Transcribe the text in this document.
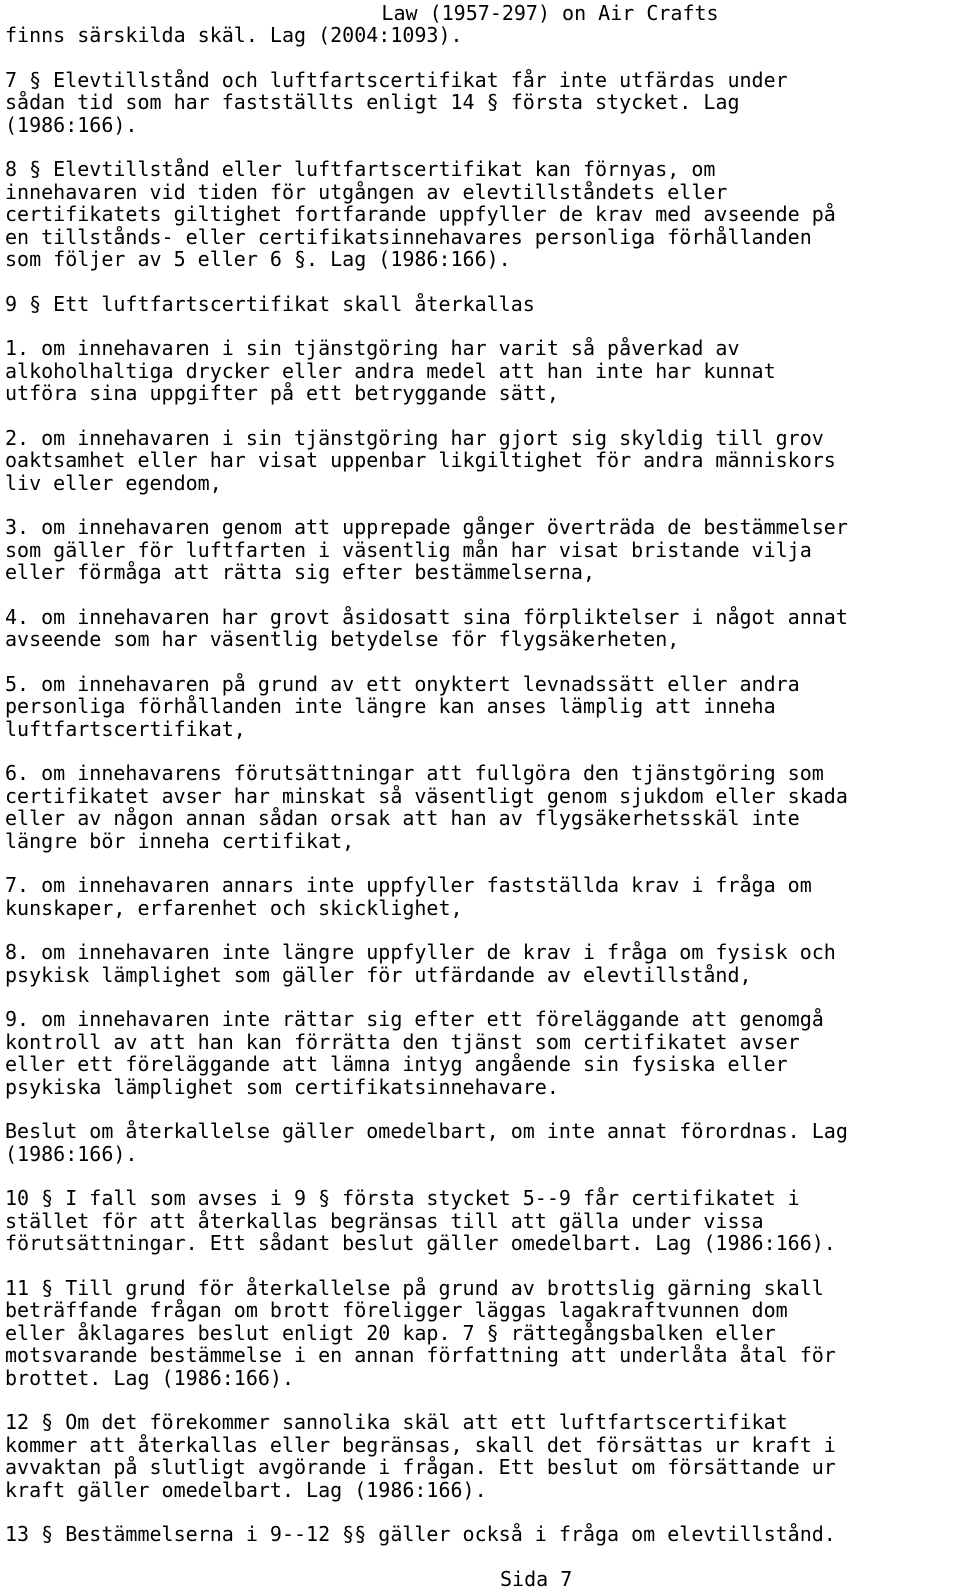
Law (1957-297) on Air Crafts
finns särskilda skäl. Lag (2004:1093).
7 § Elevtillstånd och luftfartscertifikat får inte utfärdas under
sådan tid som har fastställts enligt 14 § första stycket. Lag
(1986:166).
8 § Elevtillstånd eller luftfartscertifikat kan förnyas, om
innehavaren vid tiden för utgången av elevtillståndets eller
certifikatets giltighet fortfarande uppfyller de krav med avseende på
en tillstånds- eller certifikatsinnehavares personliga förhållanden
som följer av 5 eller 6 §. Lag (1986:166).
9 § Ett luftfartscertifikat skall återkallas
1. om innehavaren i sin tjänstgöring har varit så påverkad av
alkoholhaltiga drycker eller andra medel att han inte har kunnat
utföra sina uppgifter på ett betryggande sätt,
2. om innehavaren i sin tjänstgöring har gjort sig skyldig till grov
oaktsamhet eller har visat uppenbar likgiltighet för andra människors
liv eller egendom,
3. om innehavaren genom att upprepade gånger överträda de bestämmelser
som gäller för luftfarten i väsentlig mån har visat bristande vilja
eller förmåga att rätta sig efter bestämmelserna,
4. om innehavaren har grovt åsidosatt sina förpliktelser i något annat
avseende som har väsentlig betydelse för flygsäkerheten,
5. om innehavaren på grund av ett onyktert levnadssätt eller andra
personliga förhållanden inte längre kan anses lämplig att inneha
luftfartscertifikat,
6. om innehavarens förutsättningar att fullgöra den tjänstgöring som
certifikatet avser har minskat så väsentligt genom sjukdom eller skada
eller av någon annan sådan orsak att han av flygsäkerhetsskäl inte
längre bör inneha certifikat,
7. om innehavaren annars inte uppfyller fastställda krav i fråga om
kunskaper, erfarenhet och skicklighet,
8. om innehavaren inte längre uppfyller de krav i fråga om fysisk och
psykisk lämplighet som gäller för utfärdande av elevtillstånd,
9. om innehavaren inte rättar sig efter ett föreläggande att genomgå
kontroll av att han kan förrätta den tjänst som certifikatet avser
eller ett föreläggande att lämna intyg angående sin fysiska eller
psykiska lämplighet som certifikatsinnehavare.
Beslut om återkallelse gäller omedelbart, om inte annat förordnas. Lag
(1986:166).
10 § I fall som avses i 9 § första stycket 5--9 får certifikatet i
stället för att återkallas begränsas till att gälla under vissa
förutsättningar. Ett sådant beslut gäller omedelbart. Lag (1986:166).
11 § Till grund för återkallelse på grund av brottslig gärning skall
beträffande frågan om brott föreligger läggas lagakraftvunnen dom
eller åklagares beslut enligt 20 kap. 7 § rättegångsbalken eller
motsvarande bestämmelse i en annan författning att underlåta åtal för
brottet. Lag (1986:166).
12 § Om det förekommer sannolika skäl att ett luftfartscertifikat
kommer att återkallas eller begränsas, skall det försättas ur kraft i
avvaktan på slutligt avgörande i frågan. Ett beslut om försättande ur
kraft gäller omedelbart. Lag (1986:166).
13 § Bestämmelserna i 9--12 §§ gäller också i fråga om elevtillstånd.
Sida 7
